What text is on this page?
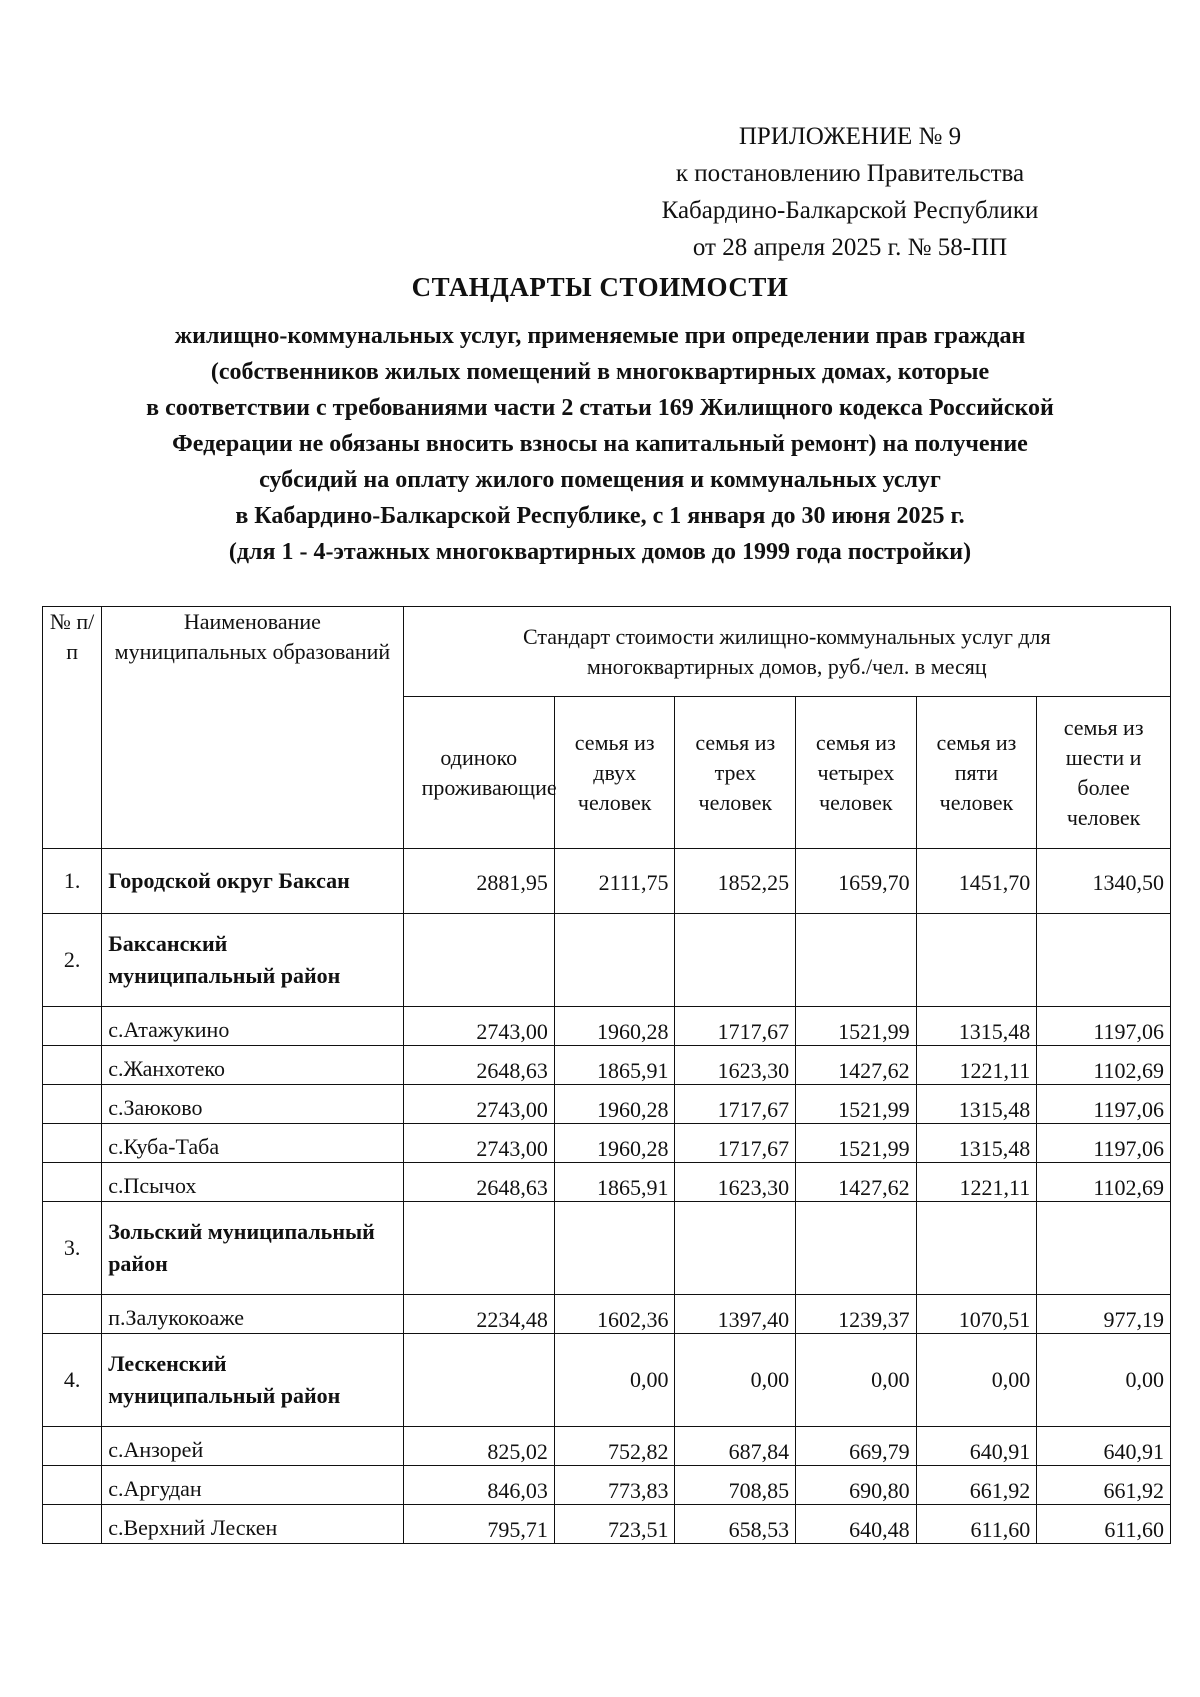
ПРИЛОЖЕНИЕ № 9
к постановлению Правительства
Кабардино-Балкарской Республики
от 28 апреля 2025 г. № 58-ПП
СТАНДАРТЫ СТОИМОСТИ
жилищно-коммунальных услуг, применяемые при определении прав граждан
(собственников жилых помещений в многоквартирных домах, которые
в соответствии с требованиями части 2 статьи 169 Жилищного кодекса Российской
Федерации не обязаны вносить взносы на капитальный ремонт) на получение
субсидий на оплату жилого помещения и коммунальных услуг
в Кабардино-Балкарской Республике, с 1 января до 30 июня 2025 г.
(для 1 - 4-этажных многоквартирных домов до 1999 года постройки)
№ п/п	Наименование муниципальных образований	Стандарт стоимости жилищно-коммунальных услуг для многоквартирных домов, руб./чел. в месяц					
		одиноко проживающие	семья из двух человек	семья из трех человек	семья из четырех человек	семья из пяти человек	семья из шести и более человек
1.	Городской округ Баксан	2881,95	2111,75	1852,25	1659,70	1451,70	1340,50
2.	Баксанский муниципальный район						
	с.Атажукино	2743,00	1960,28	1717,67	1521,99	1315,48	1197,06
	с.Жанхотеко	2648,63	1865,91	1623,30	1427,62	1221,11	1102,69
	с.Заюково	2743,00	1960,28	1717,67	1521,99	1315,48	1197,06
	с.Куба-Таба	2743,00	1960,28	1717,67	1521,99	1315,48	1197,06
	с.Псычох	2648,63	1865,91	1623,30	1427,62	1221,11	1102,69
3.	Зольский муниципальный район						
	п.Залукокоаже	2234,48	1602,36	1397,40	1239,37	1070,51	977,19
4.	Лескенский муниципальный район		0,00	0,00	0,00	0,00	0,00
	с.Анзорей	825,02	752,82	687,84	669,79	640,91	640,91
	с.Аргудан	846,03	773,83	708,85	690,80	661,92	661,92
	с.Верхний Лескен	795,71	723,51	658,53	640,48	611,60	611,60
